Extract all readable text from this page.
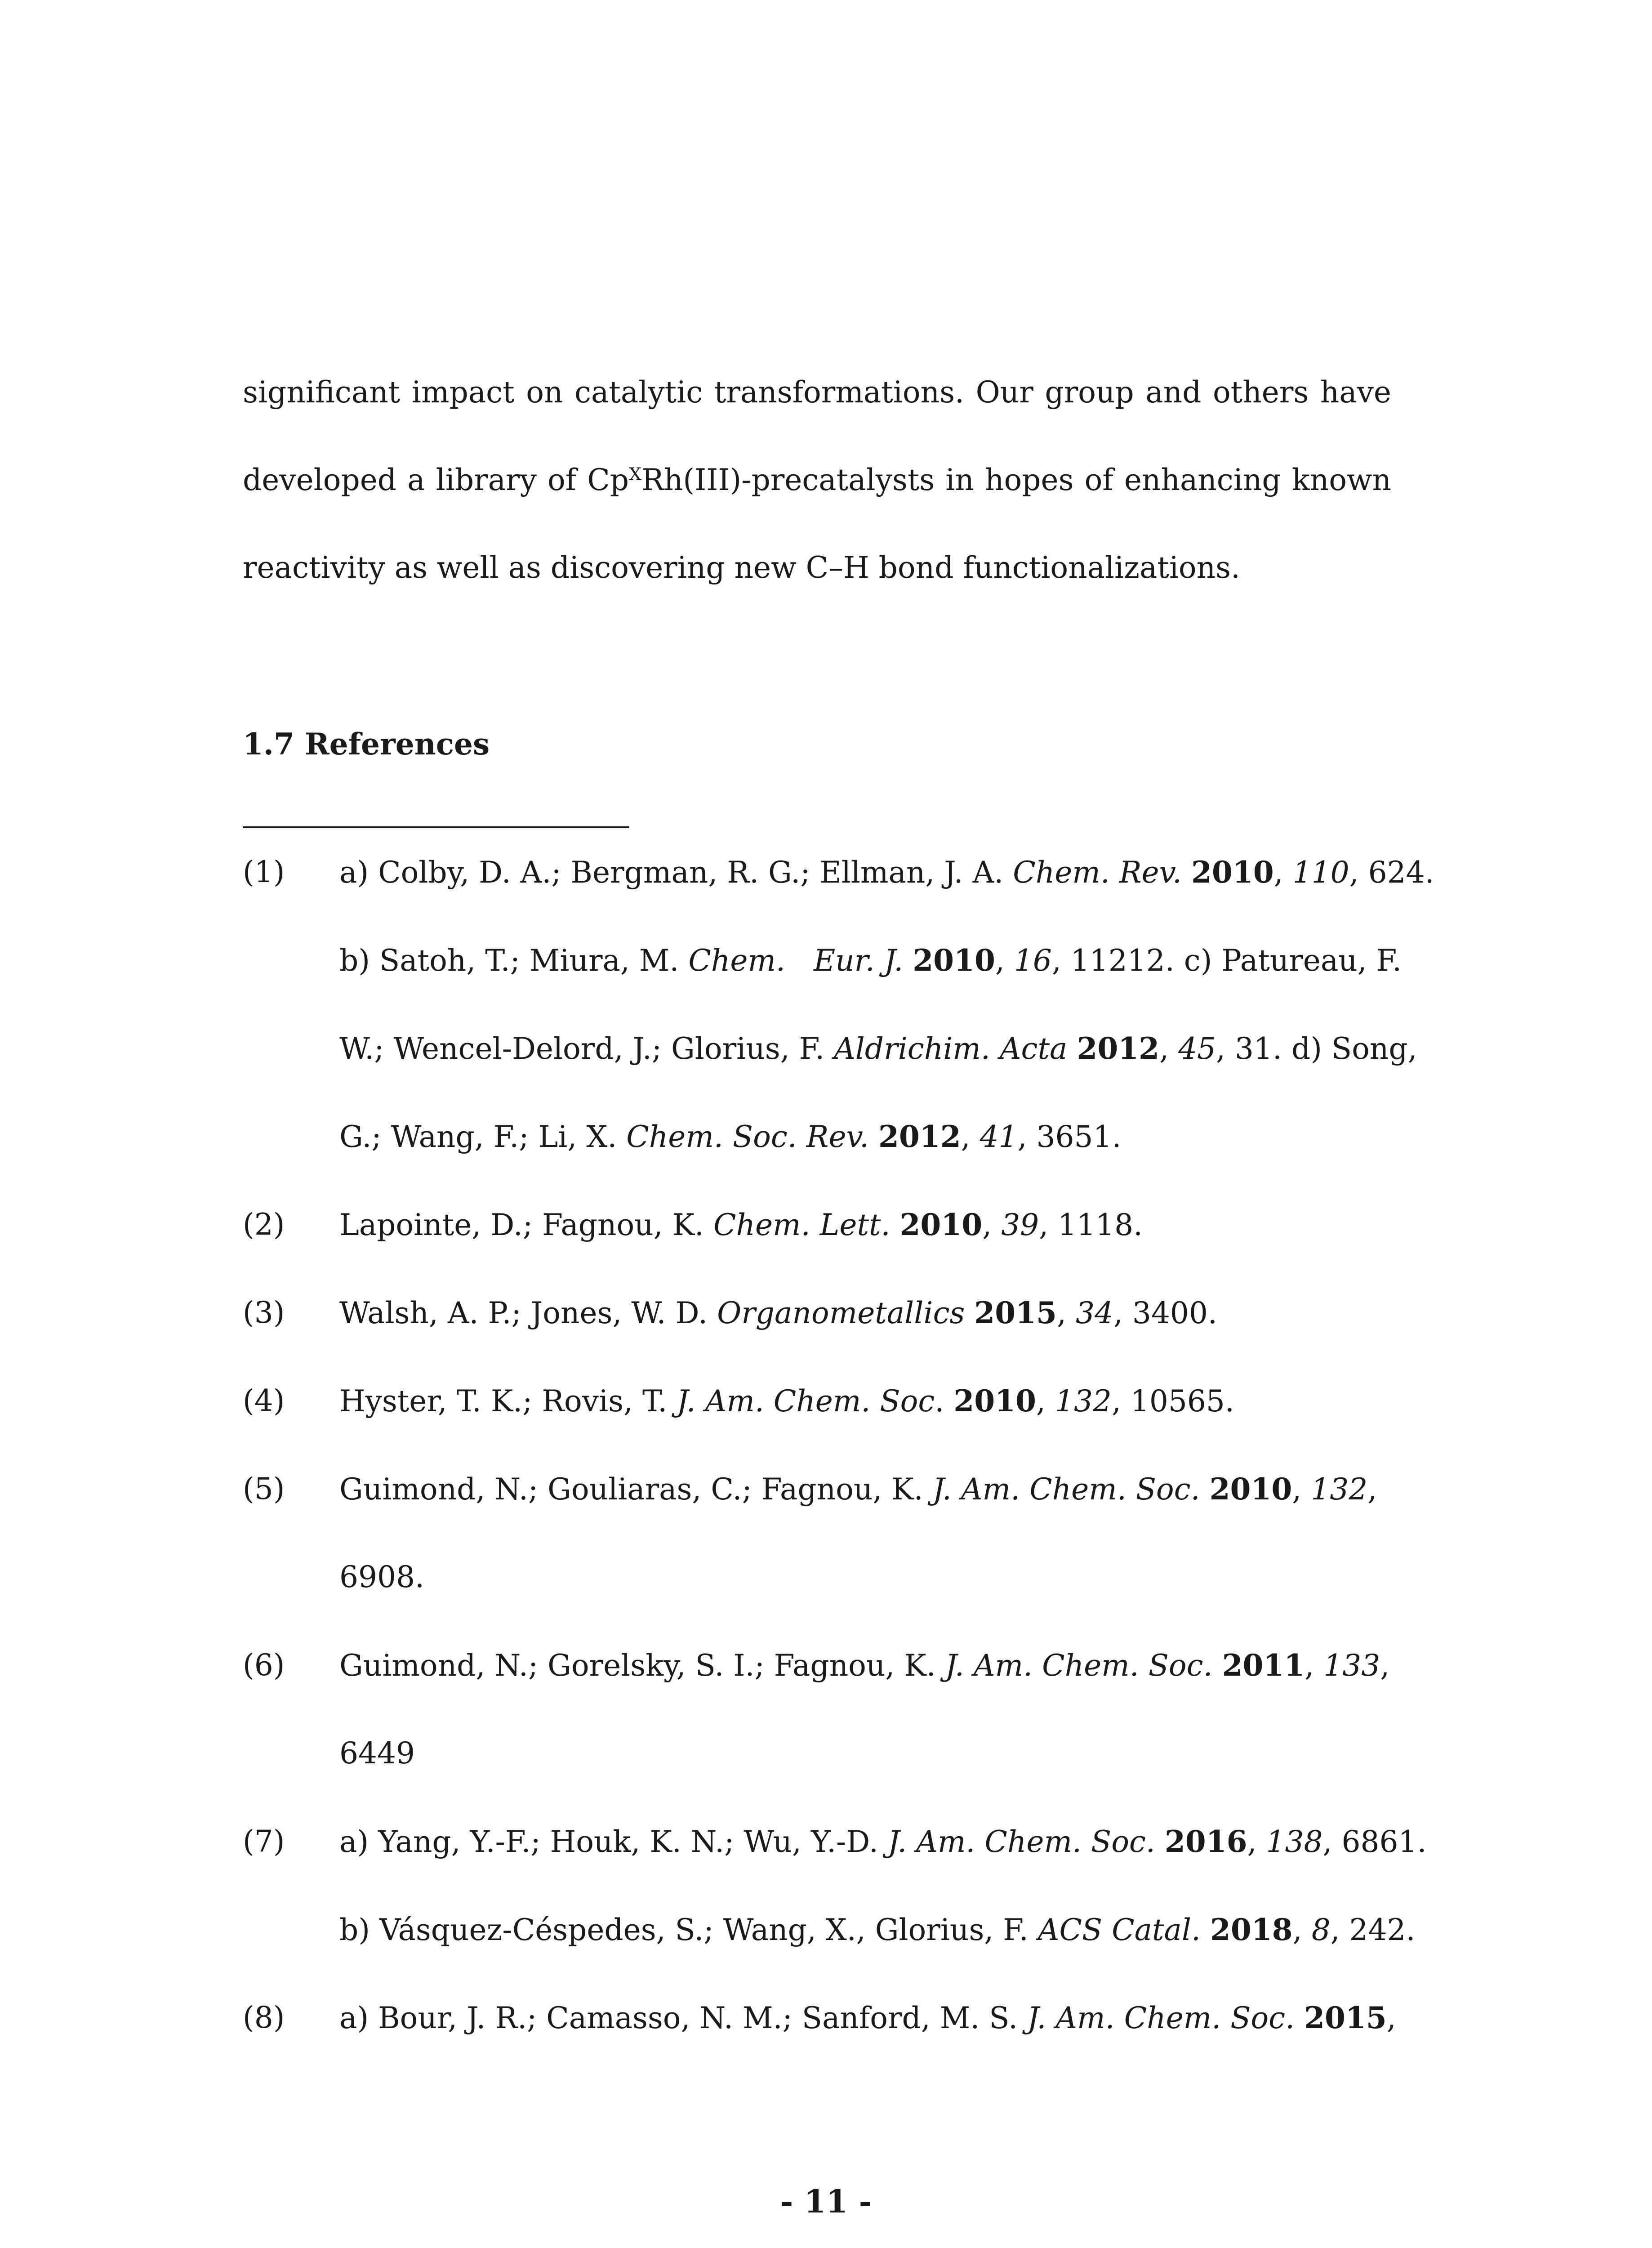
significant impact on catalytic transformations. Our group and others have
developed a library of $Cp^XRh(III)$-precatalysts in hopes of enhancing known
reactivity as well as discovering new C–H bond functionalizations.
1.7 References
(1) a) Colby, D. A.; Bergman, R. G.; Ellman, J. A. Chem. Rev. 2010, 110, 624.
b) Satoh, T.; Miura, M. Chem.   Eur. J. 2010, 16, 11212. c) Patureau, F.
W.; Wencel-Delord, J.; Glorius, F. Aldrichim. Acta 2012, 45, 31. d) Song,
G.; Wang, F.; Li, X. Chem. Soc. Rev. 2012, 41, 3651.
(2) Lapointe, D.; Fagnou, K. Chem. Lett. 2010, 39, 1118.
(3) Walsh, A. P.; Jones, W. D. Organometallics 2015, 34, 3400.
(4) Hyster, T. K.; Rovis, T. J. Am. Chem. Soc. 2010, 132, 10565.
(5) Guimond, N.; Gouliaras, C.; Fagnou, K. J. Am. Chem. Soc. 2010, 132,
6908.
(6) Guimond, N.; Gorelsky, S. I.; Fagnou, K. J. Am. Chem. Soc. 2011, 133,
6449
(7) a) Yang, Y.-F.; Houk, K. N.; Wu, Y.-D. J. Am. Chem. Soc. 2016, 138, 6861.
b) Vásquez-Céspedes, S.; Wang, X., Glorius, F. ACS Catal. 2018, 8, 242.
(8) a) Bour, J. R.; Camasso, N. M.; Sanford, M. S. J. Am. Chem. Soc. 2015,
- 11 -
